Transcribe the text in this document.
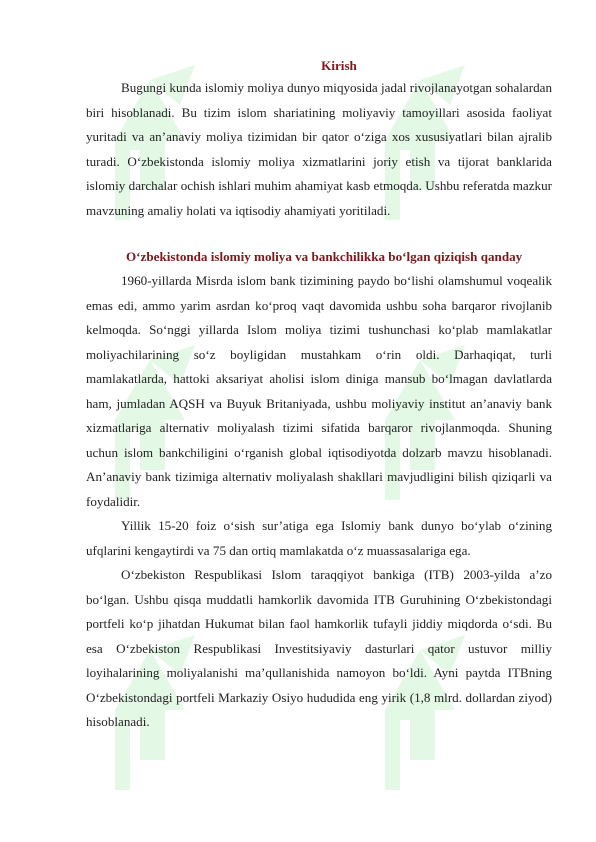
Kirish

Bugungi kunda islomiy moliya dunyo miqyosida jadal rivojlanayotgan sohalardan biri hisoblanadi. Bu tizim islom shariatining moliyaviy tamoyillari asosida faoliyat yuritadi va an’anaviy moliya tizimidan bir qator o‘ziga xos xususiyatlari bilan ajralib turadi. O‘zbekistonda islomiy moliya xizmatlarini joriy etish va tijorat banklarida islomiy darchalar ochish ishlari muhim ahamiyat kasb etmoqda. Ushbu referatda mazkur mavzuning amaliy holati va iqtisodiy ahamiyati yoritiladi.

O‘zbekistonda islomiy moliya va bankchilikka bo‘lgan qiziqish qanday

1960-yillarda Misrda islom bank tizimining paydo bo‘lishi olamshumul voqealik emas edi, ammo yarim asrdan ko‘proq vaqt davomida ushbu soha barqaror rivojlanib kelmoqda. So‘nggi yillarda Islom moliya tizimi tushunchasi ko‘plab mamlakatlar moliyachilarining so‘z boyligidan mustahkam o‘rin oldi. Darhaqiqat, turli mamlakatlarda, hattoki aksariyat aholisi islom diniga mansub bo‘lmagan davlatlarda ham, jumladan AQSH va Buyuk Britaniyada, ushbu moliyaviy institut an’anaviy bank xizmatlariga alternativ moliyalash tizimi sifatida barqaror rivojlanmoqda. Shuning uchun islom bankchiligini o‘rganish global iqtisodiyotda dolzarb mavzu hisoblanadi. An’anaviy bank tizimiga alternativ moliyalash shakllari mavjudligini bilish qiziqarli va foydalidir.

Yillik 15-20 foiz o‘sish sur’atiga ega Islomiy bank dunyo bo‘ylab o‘zining ufqlarini kengaytirdi va 75 dan ortiq mamlakatda o‘z muassasalariga ega.

O‘zbekiston Respublikasi Islom taraqqiyot bankiga (ITB) 2003-yilda a’zo bo‘lgan. Ushbu qisqa muddatli hamkorlik davomida ITB Guruhining O‘zbekistondagi portfeli ko‘p jihatdan Hukumat bilan faol hamkorlik tufayli jiddiy miqdorda o‘sdi. Bu esa O‘zbekiston Respublikasi Investitsiyaviy dasturlari qator ustuvor milliy loyihalarining moliyalanishi ma’qullanishida namoyon bo‘ldi. Ayni paytda ITBning O‘zbekistondagi portfeli Markaziy Osiyo hududida eng yirik (1,8 mlrd. dollardan ziyod) hisoblanadi.
